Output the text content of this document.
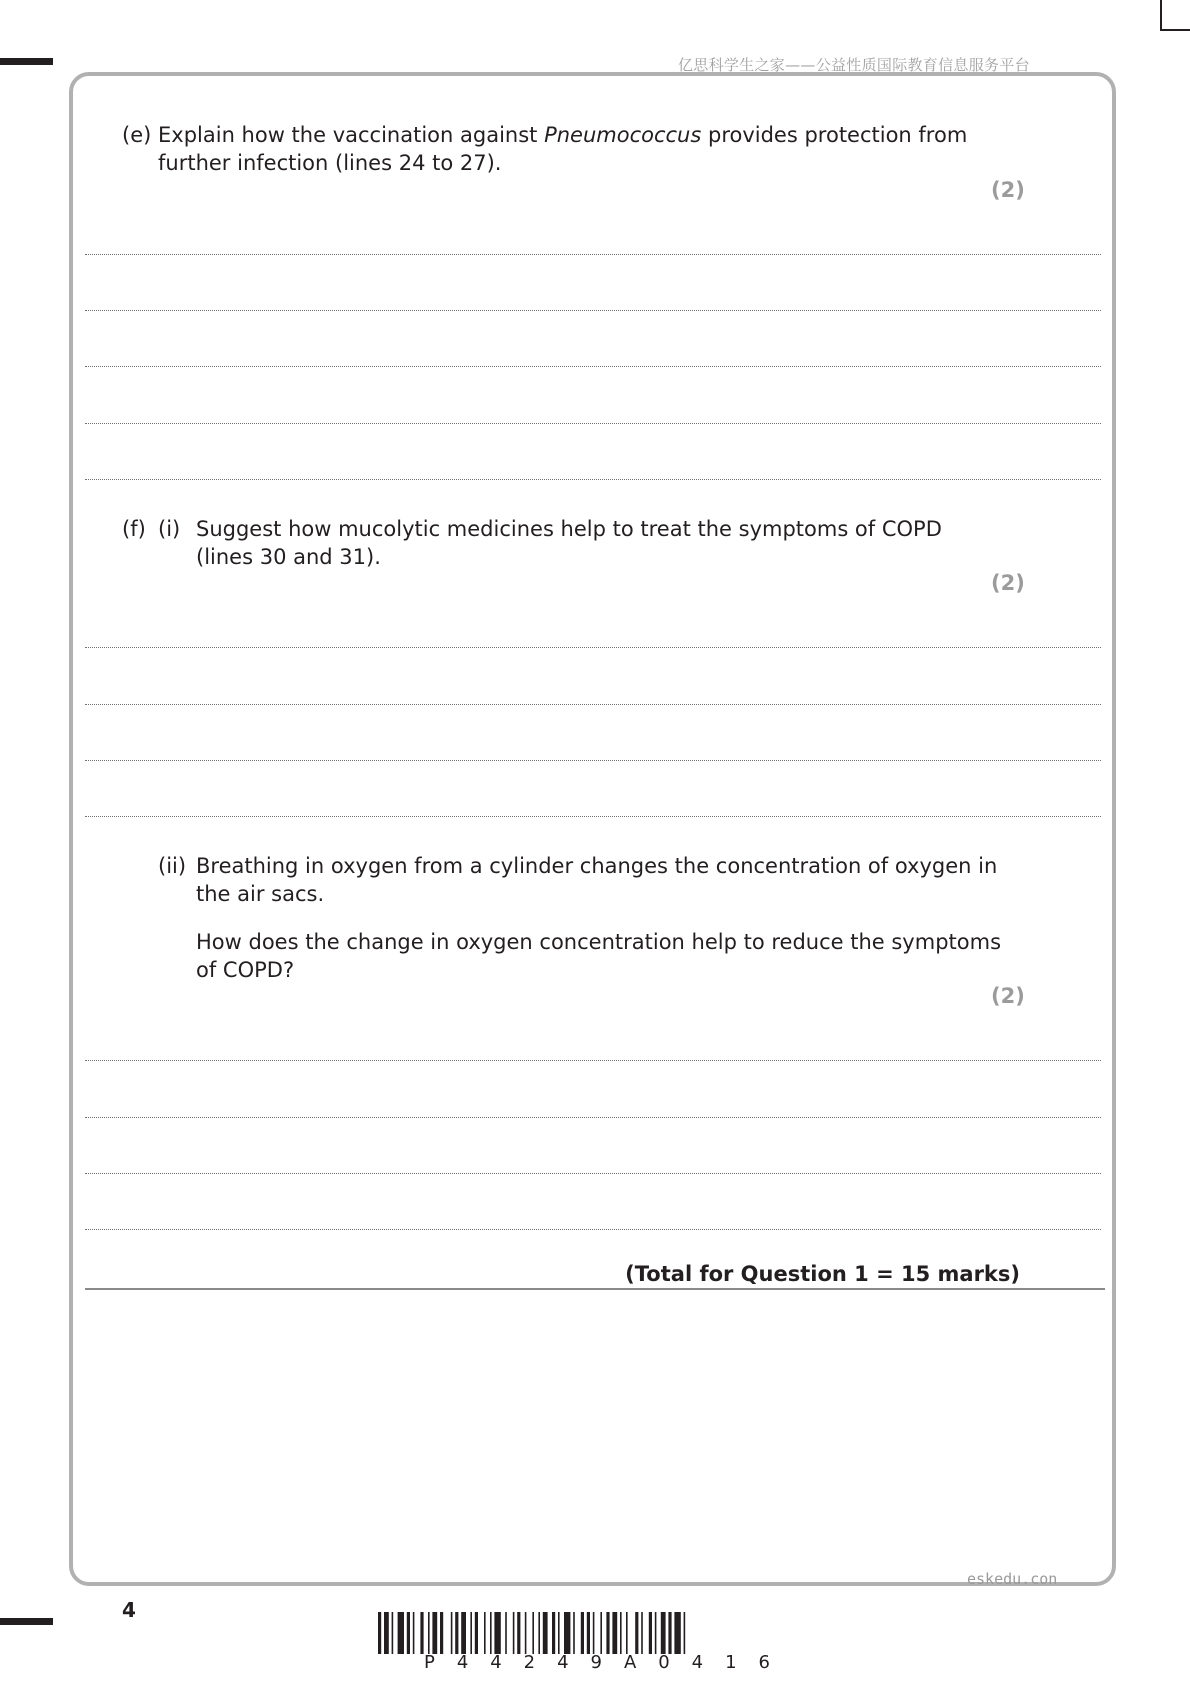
亿思科学生之家——公益性质国际教育信息服务平台
(e) Explain how the vaccination against Pneumococcus provides protection from
further infection (lines 24 to 27).
(2)
(f) (i) Suggest how mucolytic medicines help to treat the symptoms of COPD
(lines 30 and 31).
(2)
(ii) Breathing in oxygen from a cylinder changes the concentration of oxygen in
the air sacs.
How does the change in oxygen concentration help to reduce the symptoms
of COPD?
(2)
(Total for Question 1 = 15 marks)
eskedu.con
4
P 4 4 2 4 9 A 0 4 1 6
